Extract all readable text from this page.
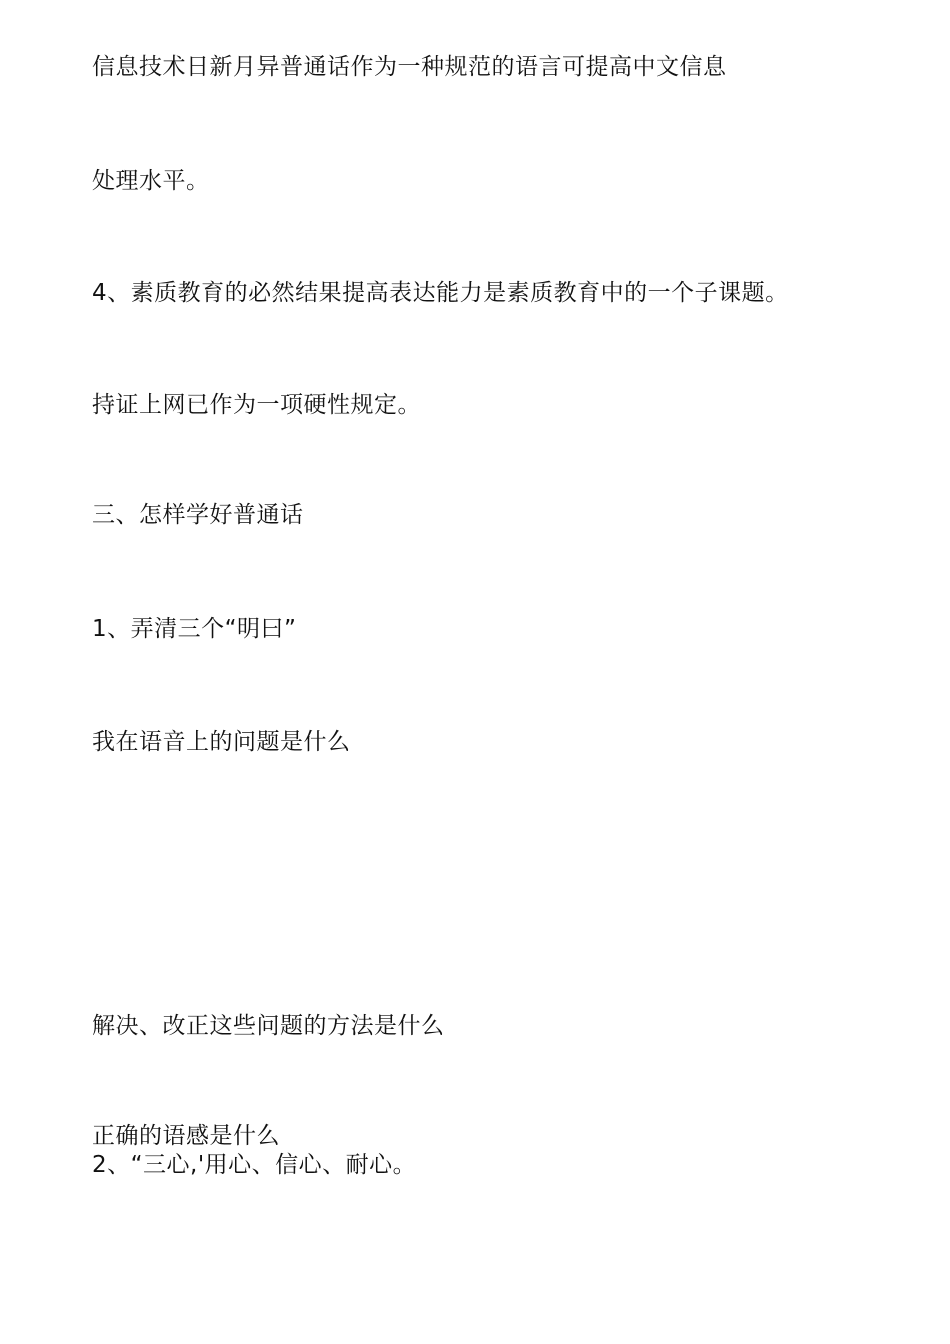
信息技术日新月异普通话作为一种规范的语言可提高中文信息
处理水平。
4、素质教育的必然结果提高表达能力是素质教育中的一个子课题。
持证上网已作为一项硬性规定。
三、怎样学好普通话
1、弄清三个“明曰”
我在语音上的问题是什么
解决、改正这些问题的方法是什么
正确的语感是什么
2、“三心,'用心、信心、耐心。
